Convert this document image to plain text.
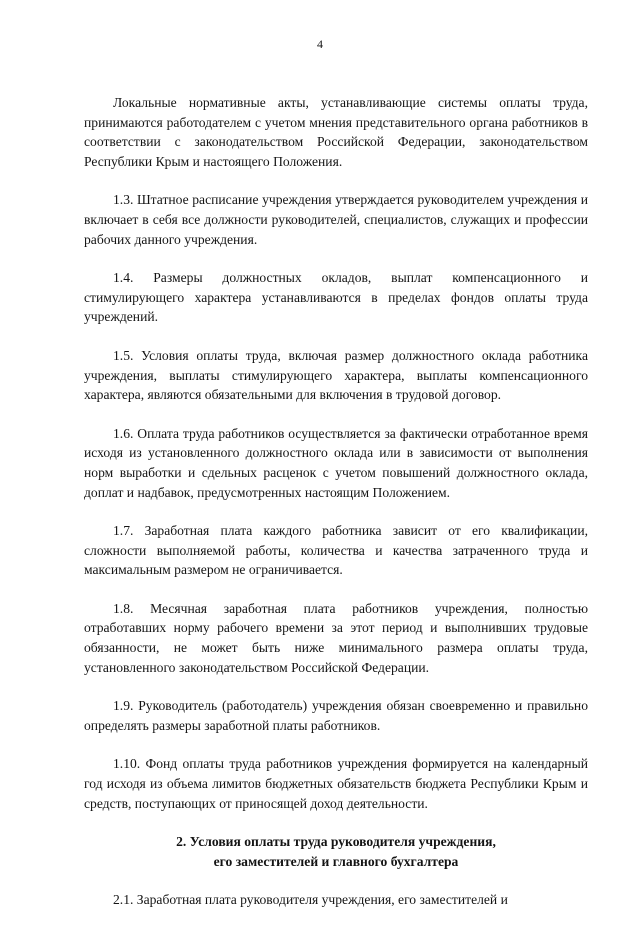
4

Локальные нормативные акты, устанавливающие системы оплаты труда, принимаются работодателем с учетом мнения представительного органа работников в соответствии с законодательством Российской Федерации, законодательством Республики Крым и настоящего Положения.

1.3. Штатное расписание учреждения утверждается руководителем учреждения и включает в себя все должности руководителей, специалистов, служащих и профессии рабочих данного учреждения.

1.4. Размеры должностных окладов, выплат компенсационного и стимулирующего характера устанавливаются в пределах фондов оплаты труда учреждений.

1.5. Условия оплаты труда, включая размер должностного оклада работника учреждения, выплаты стимулирующего характера, выплаты компенсационного характера, являются обязательными для включения в трудовой договор.

1.6. Оплата труда работников осуществляется за фактически отработанное время исходя из установленного должностного оклада или в зависимости от выполнения норм выработки и сдельных расценок с учетом повышений должностного оклада, доплат и надбавок, предусмотренных настоящим Положением.

1.7. Заработная плата каждого работника зависит от его квалификации, сложности выполняемой работы, количества и качества затраченного труда и максимальным размером не ограничивается.

1.8. Месячная заработная плата работников учреждения, полностью отработавших норму рабочего времени за этот период и выполнивших трудовые обязанности, не может быть ниже минимального размера оплаты труда, установленного законодательством Российской Федерации.

1.9. Руководитель (работодатель) учреждения обязан своевременно и правильно определять размеры заработной платы работников.

1.10. Фонд оплаты труда работников учреждения формируется на календарный год исходя из объема лимитов бюджетных обязательств бюджета Республики Крым и средств, поступающих от приносящей доход деятельности.

2. Условия оплаты труда руководителя учреждения,
его заместителей и главного бухгалтера

2.1. Заработная плата руководителя учреждения, его заместителей и
